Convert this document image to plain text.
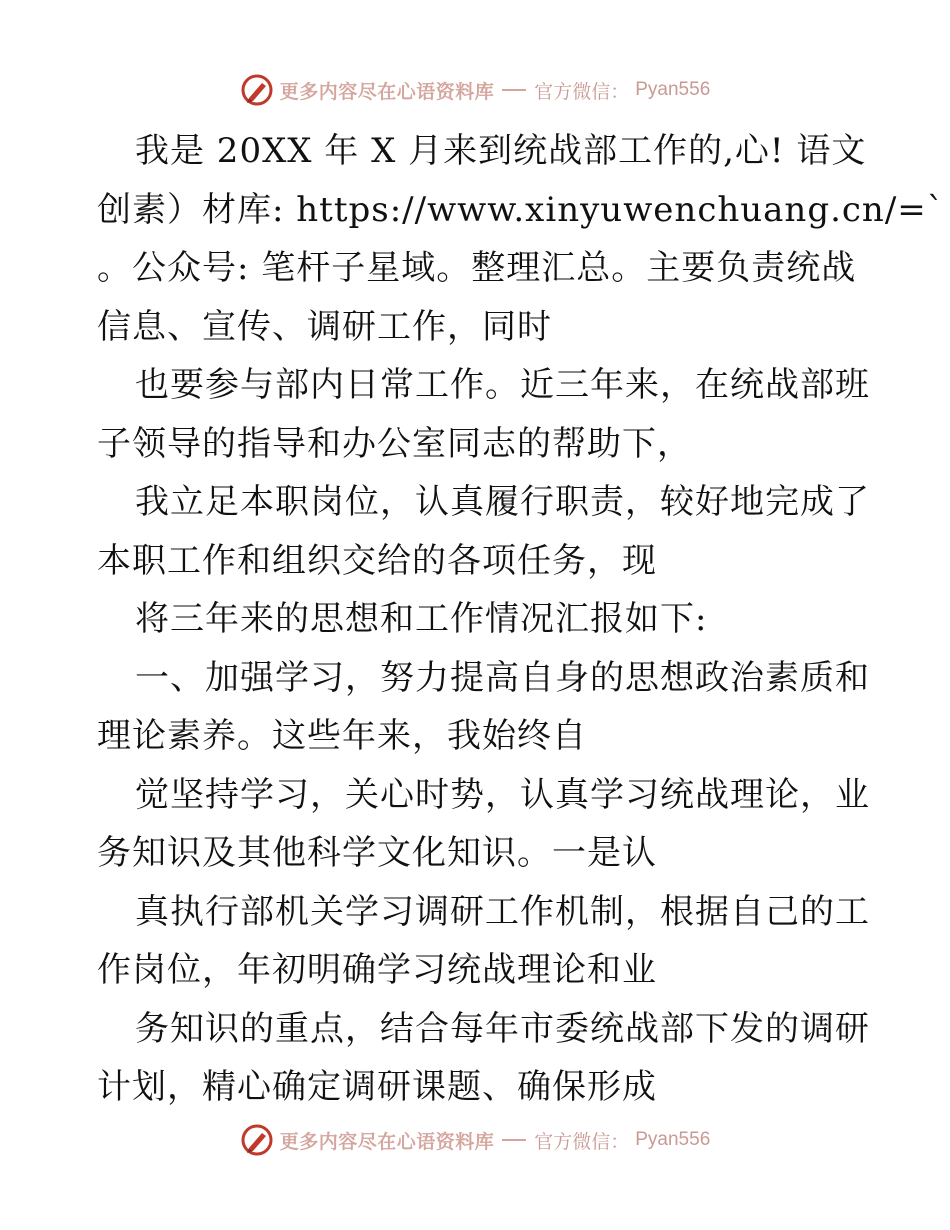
更多内容尽在心语资料库 官方微信： Pyan556
我是 20XX 年 X 月来到统战部工作的,心! 语文
创素）材库: https://www.xinyuwenchuang.cn/=`
。公众号: 笔杆子星域。整理汇总。主要负责统战
信息、宣传、调研工作，同时
也要参与部内日常工作。近三年来，在统战部班
子领导的指导和办公室同志的帮助下，
我立足本职岗位，认真履行职责，较好地完成了
本职工作和组织交给的各项任务，现
将三年来的思想和工作情况汇报如下:
一、加强学习，努力提高自身的思想政治素质和
理论素养。这些年来，我始终自
觉坚持学习，关心时势，认真学习统战理论，业
务知识及其他科学文化知识。一是认
真执行部机关学习调研工作机制，根据自己的工
作岗位，年初明确学习统战理论和业
务知识的重点，结合每年市委统战部下发的调研
计划，精心确定调研课题、确保形成
更多内容尽在心语资料库 官方微信： Pyan556
